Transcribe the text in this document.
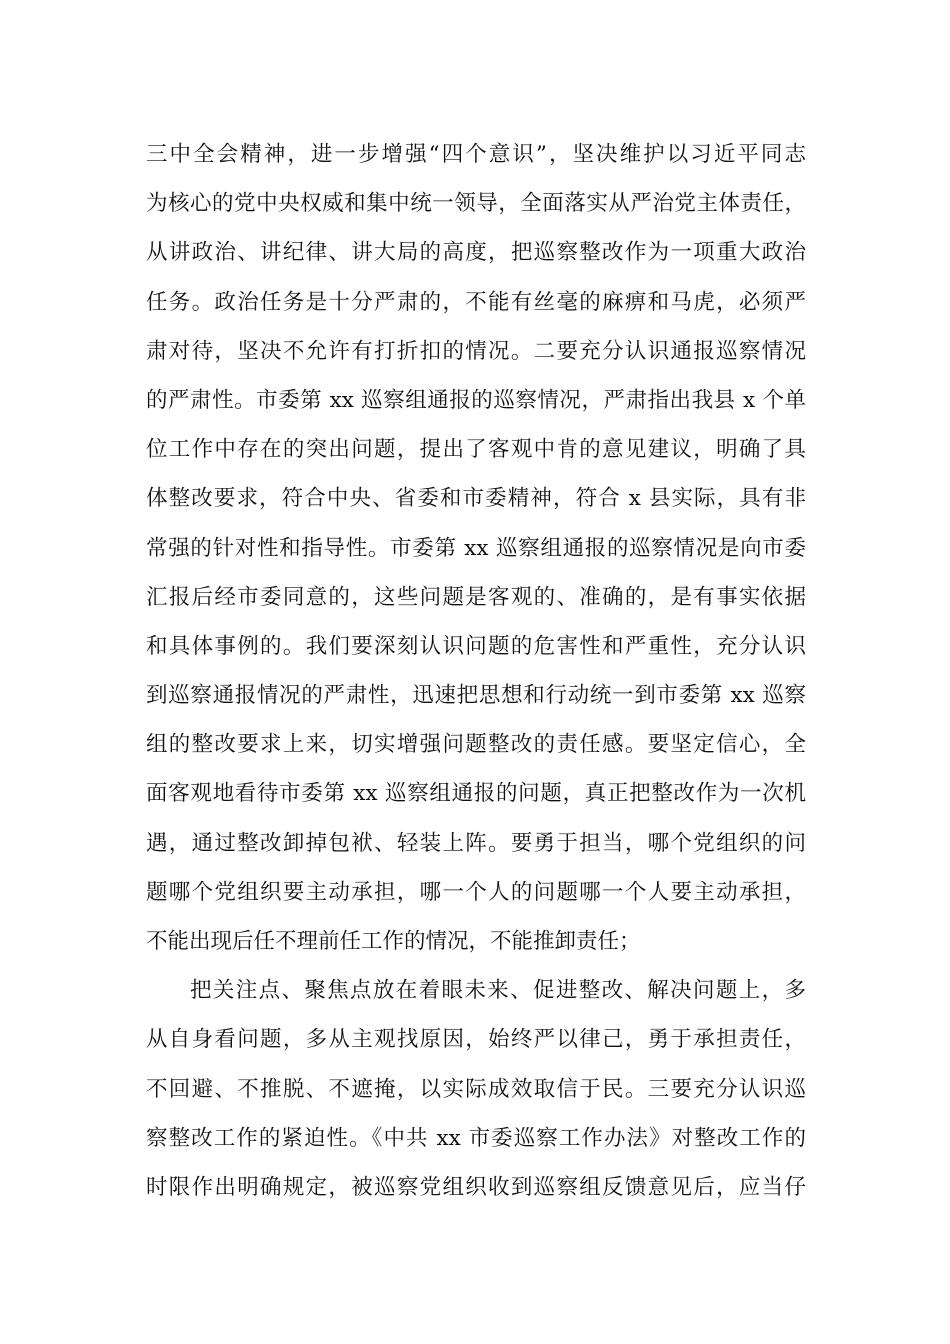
三中全会精神，进一步增强“四个意识”，坚决维护以习近平同志
为核心的党中央权威和集中统一领导，全面落实从严治党主体责任，
从讲政治、讲纪律、讲大局的高度，把巡察整改作为一项重大政治
任务。政治任务是十分严肃的，不能有丝毫的麻痹和马虎，必须严
肃对待，坚决不允许有打折扣的情况。二要充分认识通报巡察情况
的严肃性。市委第 xx 巡察组通报的巡察情况，严肃指出我县 x 个单
位工作中存在的突出问题，提出了客观中肯的意见建议，明确了具
体整改要求，符合中央、省委和市委精神，符合 x 县实际，具有非
常强的针对性和指导性。市委第 xx 巡察组通报的巡察情况是向市委
汇报后经市委同意的，这些问题是客观的、准确的，是有事实依据
和具体事例的。我们要深刻认识问题的危害性和严重性，充分认识
到巡察通报情况的严肃性，迅速把思想和行动统一到市委第 xx 巡察
组的整改要求上来，切实增强问题整改的责任感。要坚定信心，全
面客观地看待市委第 xx 巡察组通报的问题，真正把整改作为一次机
遇，通过整改卸掉包袱、轻装上阵。要勇于担当，哪个党组织的问
题哪个党组织要主动承担，哪一个人的问题哪一个人要主动承担，
不能出现后任不理前任工作的情况，不能推卸责任；
把关注点、聚焦点放在着眼未来、促进整改、解决问题上，多
从自身看问题，多从主观找原因，始终严以律己，勇于承担责任，
不回避、不推脱、不遮掩，以实际成效取信于民。三要充分认识巡
察整改工作的紧迫性。《中共 xx 市委巡察工作办法》对整改工作的
时限作出明确规定，被巡察党组织收到巡察组反馈意见后，应当仔
